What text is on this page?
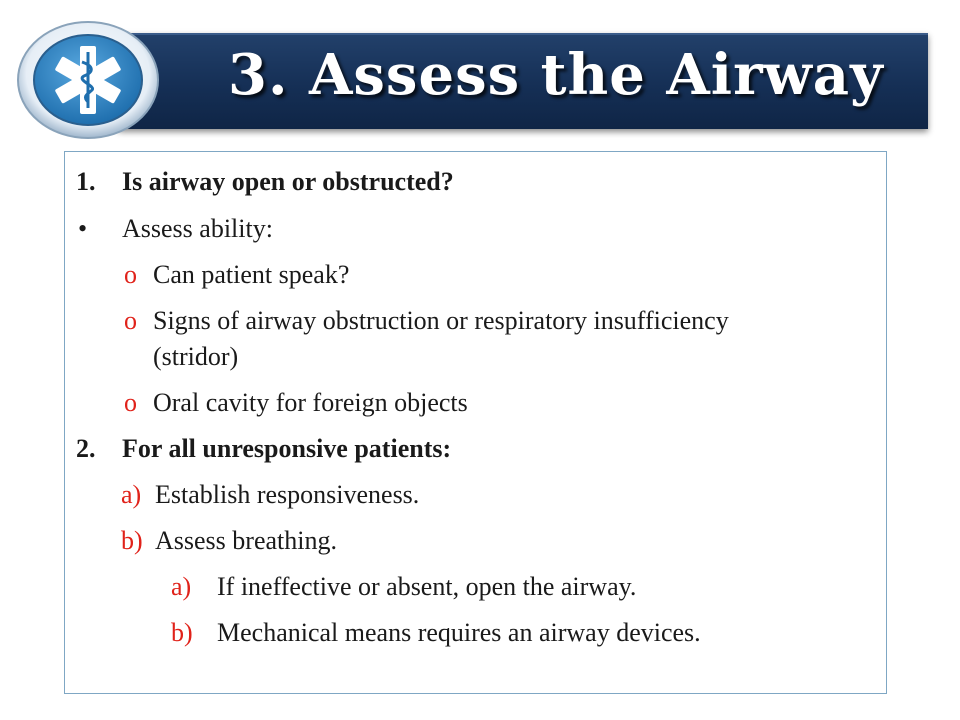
3. Assess the Airway
1. Is airway open or obstructed?
• Assess ability:
o Can patient speak?
o Signs of airway obstruction or respiratory insufficiency
(stridor)
o Oral cavity for foreign objects
2. For all unresponsive patients:
a) Establish responsiveness.
b) Assess breathing.
a) If ineffective or absent, open the airway.
b) Mechanical means requires an airway devices.
